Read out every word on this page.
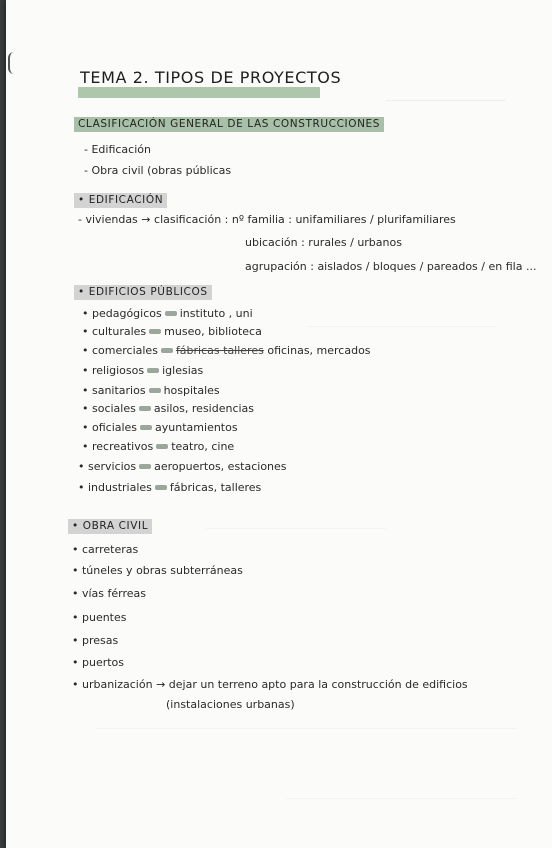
TEMA 2. TIPOS DE PROYECTOS
CLASIFICACIÓN GENERAL DE LAS CONSTRUCCIONES
- Edificación
- Obra civil (obras públicas
• EDIFICACIÓN
- viviendas → clasificación : nº familia : unifamiliares / plurifamiliares
ubicación : rurales / urbanos
agrupación : aislados / bloques / pareados / en fila ...
• EDIFICIOS PÚBLICOS
• pedagógicos instituto , uni
• culturales museo, biblioteca
• comerciales fábricas talleres oficinas, mercados
• religiosos iglesias
• sanitarios hospitales
• sociales asilos, residencias
• oficiales ayuntamientos
• recreativos teatro, cine
• servicios aeropuertos, estaciones
• industriales fábricas, talleres
• OBRA CIVIL
• carreteras
• túneles y obras subterráneas
• vías férreas
• puentes
• presas
• puertos
• urbanización → dejar un terreno apto para la construcción de edificios
(instalaciones urbanas)
